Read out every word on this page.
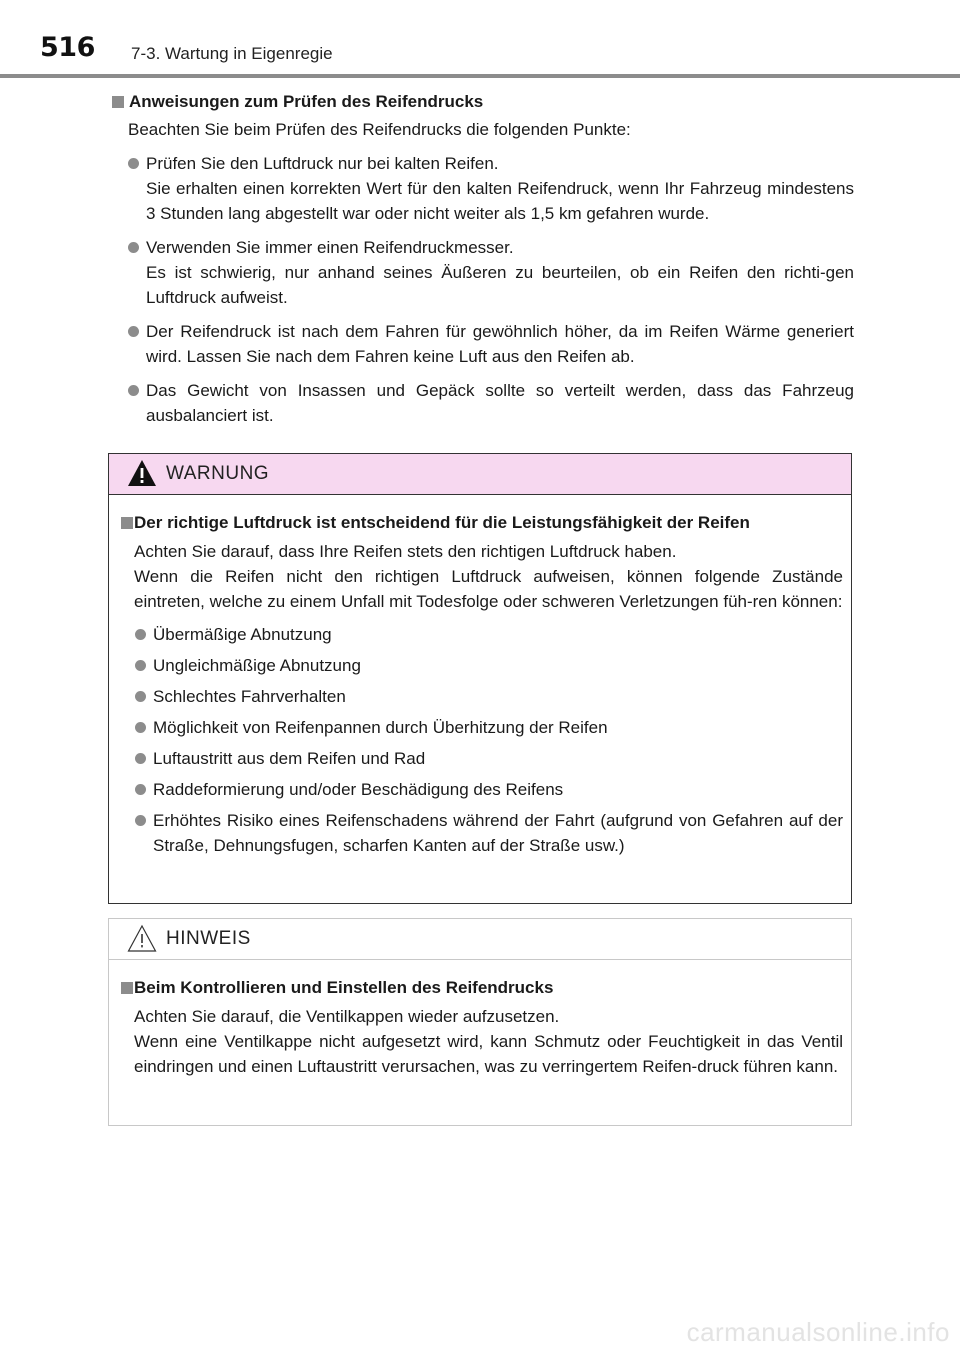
516 7-3. Wartung in Eigenregie

Anweisungen zum Prüfen des Reifendrucks

Beachten Sie beim Prüfen des Reifendrucks die folgenden Punkte:

Prüfen Sie den Luftdruck nur bei kalten Reifen.
Sie erhalten einen korrekten Wert für den kalten Reifendruck, wenn Ihr Fahrzeug mindestens 3 Stunden lang abgestellt war oder nicht weiter als 1,5 km gefahren wurde.
Verwenden Sie immer einen Reifendruckmesser.
Es ist schwierig, nur anhand seines Äußeren zu beurteilen, ob ein Reifen den richti-gen Luftdruck aufweist.
Der Reifendruck ist nach dem Fahren für gewöhnlich höher, da im Reifen Wärme generiert wird. Lassen Sie nach dem Fahren keine Luft aus den Reifen ab.
Das Gewicht von Insassen und Gepäck sollte so verteilt werden, dass das Fahrzeug ausbalanciert ist.
WARNUNG

Der richtige Luftdruck ist entscheidend für die Leistungsfähigkeit der Reifen

Achten Sie darauf, dass Ihre Reifen stets den richtigen Luftdruck haben.
Wenn die Reifen nicht den richtigen Luftdruck aufweisen, können folgende Zustände eintreten, welche zu einem Unfall mit Todesfolge oder schweren Verletzungen füh-ren können:

Übermäßige Abnutzung
Ungleichmäßige Abnutzung
Schlechtes Fahrverhalten
Möglichkeit von Reifenpannen durch Überhitzung der Reifen
Luftaustritt aus dem Reifen und Rad
Raddeformierung und/oder Beschädigung des Reifens
Erhöhtes Risiko eines Reifenschadens während der Fahrt (aufgrund von Gefahren auf der Straße, Dehnungsfugen, scharfen Kanten auf der Straße usw.)
HINWEIS

Beim Kontrollieren und Einstellen des Reifendrucks

Achten Sie darauf, die Ventilkappen wieder aufzusetzen.
Wenn eine Ventilkappe nicht aufgesetzt wird, kann Schmutz oder Feuchtigkeit in das Ventil eindringen und einen Luftaustritt verursachen, was zu verringertem Reifen-druck führen kann.

carmanualsonline.info
